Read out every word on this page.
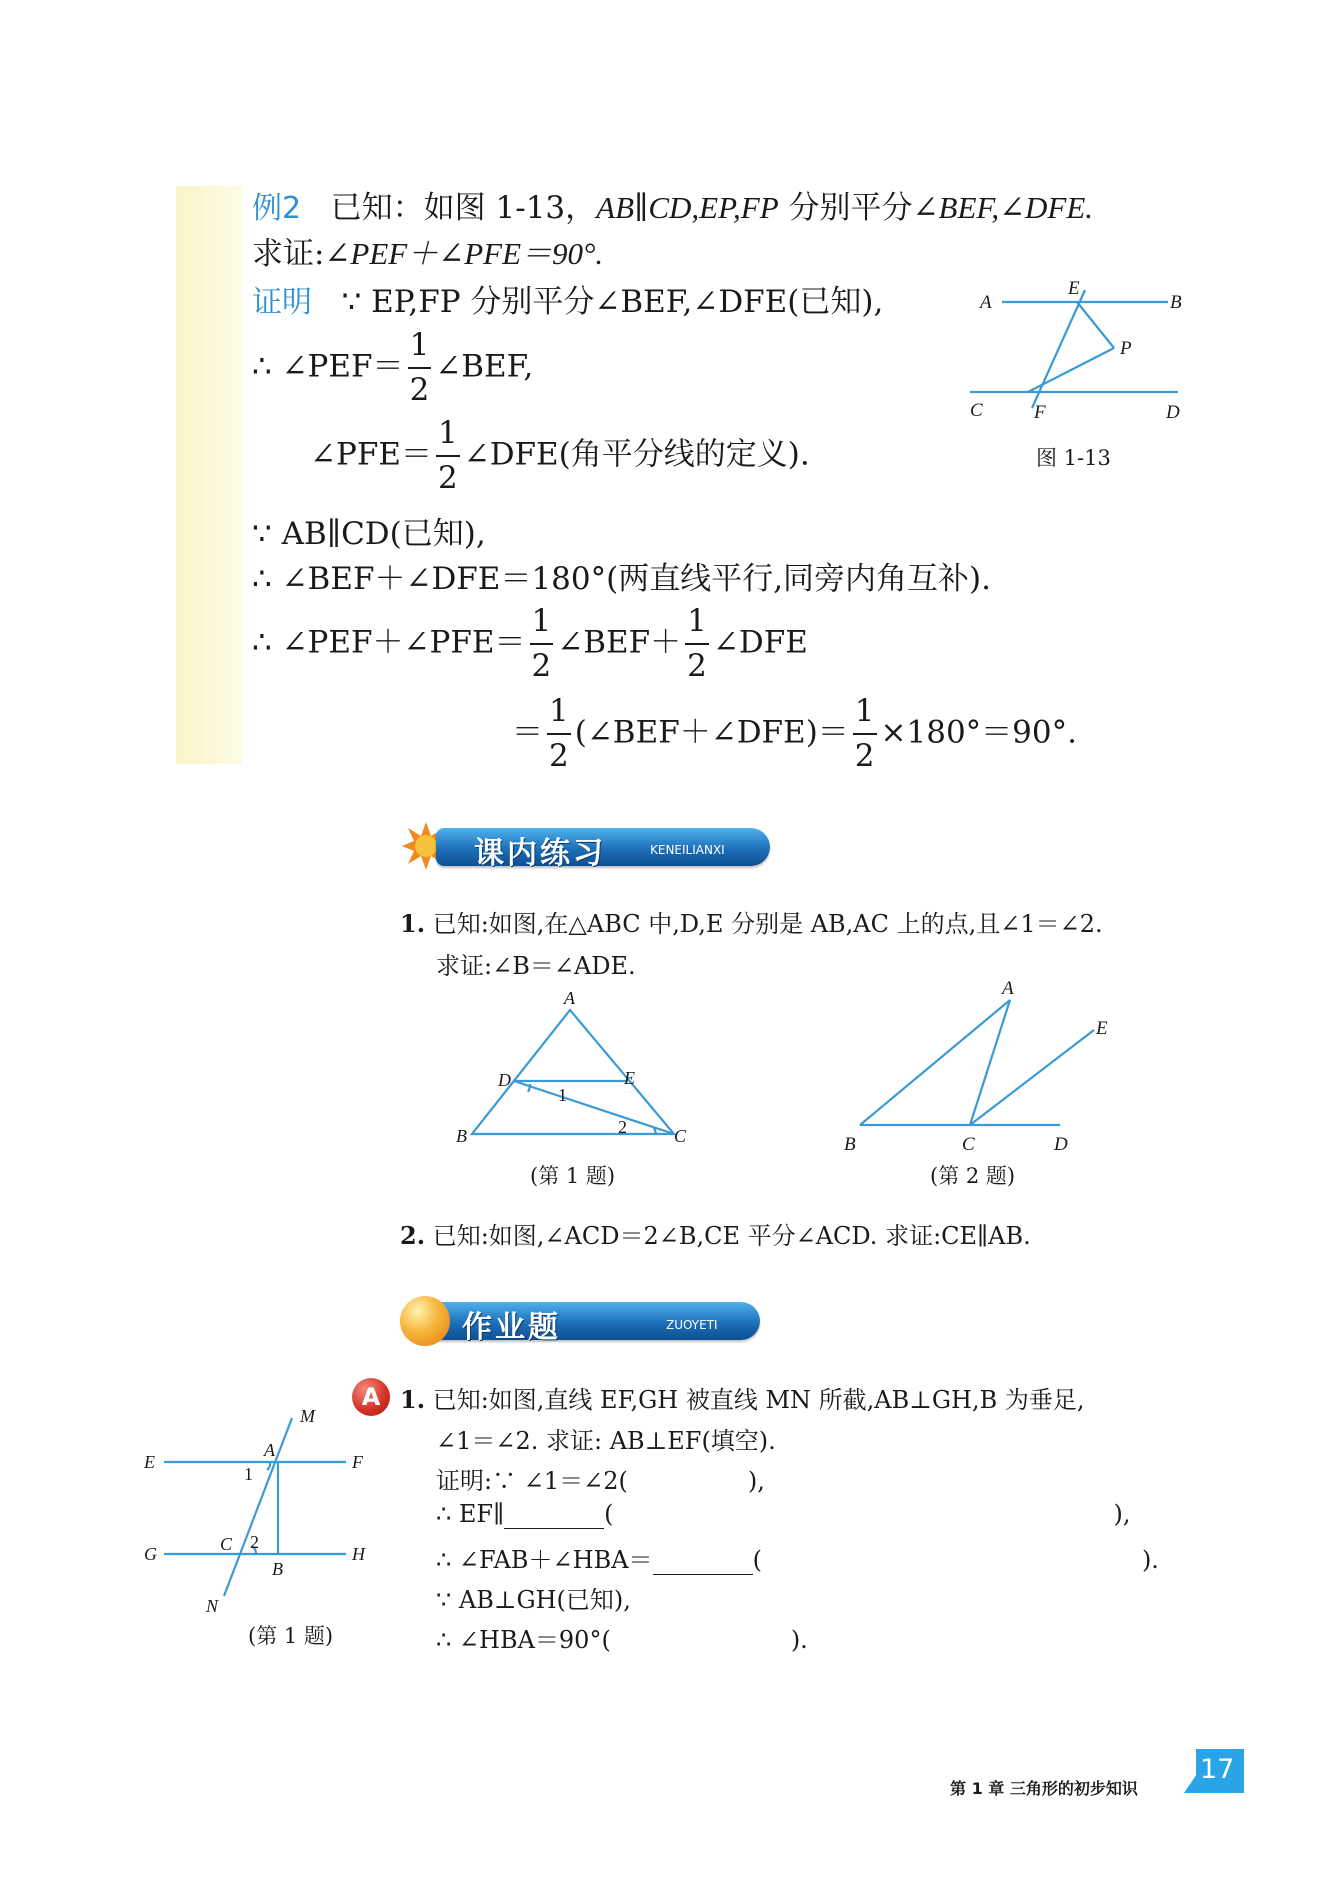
例2 已知：如图 1-13，AB∥CD,EP,FP 分别平分∠BEF,∠DFE.
求证:∠PEF＋∠PFE＝90°.
证明 ∵ EP,FP 分别平分∠BEF,∠DFE(已知),
∴ ∠PEF＝ $\frac{1}{2}$ ∠BEF,
∠PFE＝ $\frac{1}{2}$ ∠DFE(角平分线的定义).
∵ AB∥CD(已知),
∴ ∠BEF＋∠DFE＝180°(两直线平行,同旁内角互补).
∴ ∠PEF＋∠PFE＝ $\frac{1}{2}$ ∠BEF＋ $\frac{1}{2}$ ∠DFE
＝ $\frac{1}{2}$ (∠BEF＋∠DFE)＝ $\frac{1}{2} \times 180^\circ=90^\circ$.
A	B
E
P
C	F	D
图 1-13
课内练习	KENEILIANXI
1. 已知:如图,在△ABC 中,D,E 分别是 AB,AC 上的点,且∠1＝∠2.
求证:∠B＝∠ADE.
A
B	C
D	E
1
2
(第 1 题)
A
B	C	D
E
(第 2 题)
2. 已知:如图,∠ACD＝2∠B,CE 平分∠ACD. 求证:CE∥AB.
作业题	ZUOYETI
A 1. 已知:如图,直线 EF,GH 被直线 MN 所截,AB⊥GH,B 为垂足,
∠1＝∠2. 求证: AB⊥EF(填空).
证明:∵ ∠1＝∠2(	),
∴ EF∥	(	),
∴ ∠FAB＋∠HBA＝	(	).
∵ AB⊥GH(已知),
∴ ∠HBA＝90°(	).
M
E	F
A
1
G	H
C 2
B
N
(第 1 题)
第 1 章 三角形的初步知识
17
